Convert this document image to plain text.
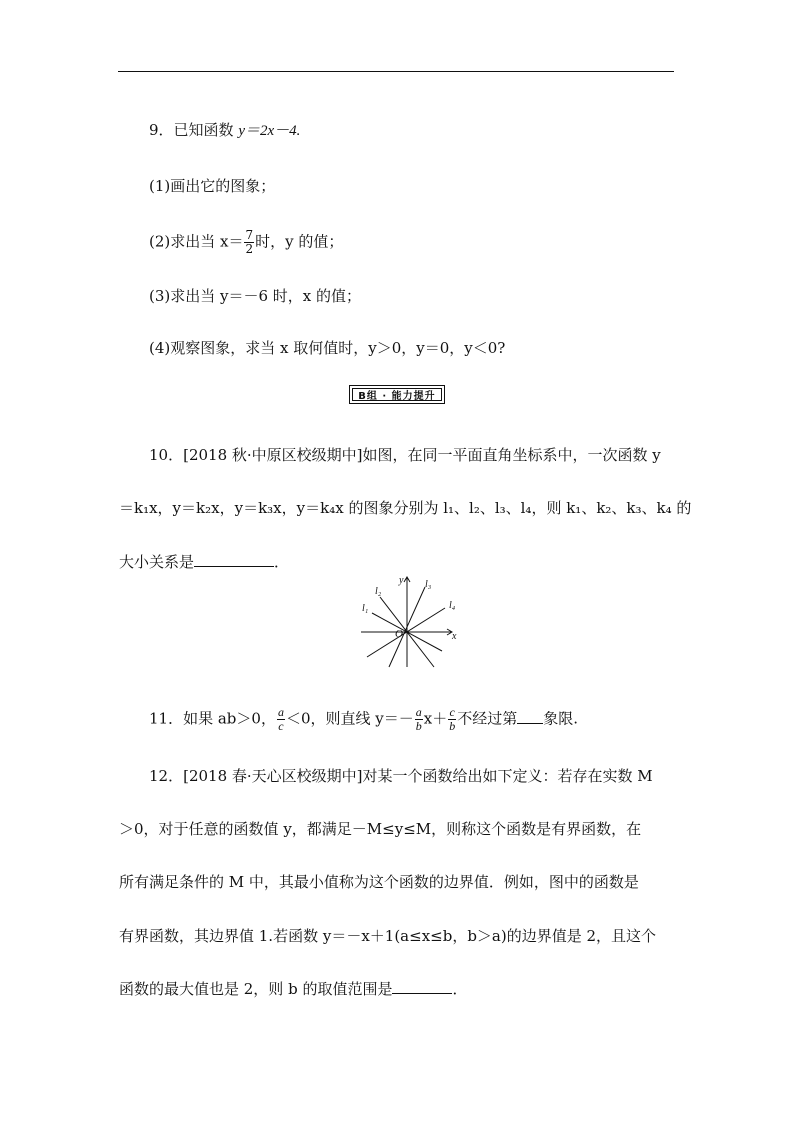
9．已知函数 y＝2x－4.
(1)画出它的图象；
(2)求出当 $x= \frac{7}{2}$ 时，y 的值；
(3)求出当 y＝－6 时，x 的值；
(4)观察图象，求当 x 取何值时，y＞0，y＝0，y＜0?
B组 · 能力提升
10．[2018 秋·中原区校级期中]如图，在同一平面直角坐标系中，一次函数 y
＝k₁x，y＝k₂x，y＝k₃x，y＝k₄x 的图象分别为 l₁、l₂、l₃、l₄，则 k₁、k₂、k₃、k₄ 的
大小关系是	．
O	x
y
l₁
l₂
l₃
l₄
11．如果 ab＞0， $\frac{a}{c} <0$，则直线 $y=- \frac{a}{b} x+ \frac{c}{b}$ 不经过第 象限.
12．[2018 春·天心区校级期中]对某一个函数给出如下定义：若存在实数 M
＞0，对于任意的函数值 y，都满足－M≤y≤M，则称这个函数是有界函数，在
所有满足条件的 M 中，其最小值称为这个函数的边界值．例如，图中的函数是
有界函数，其边界值 1.若函数 y＝－x＋1(a≤x≤b，b＞a)的边界值是 2，且这个
函数的最大值也是 2，则 b 的取值范围是	．
